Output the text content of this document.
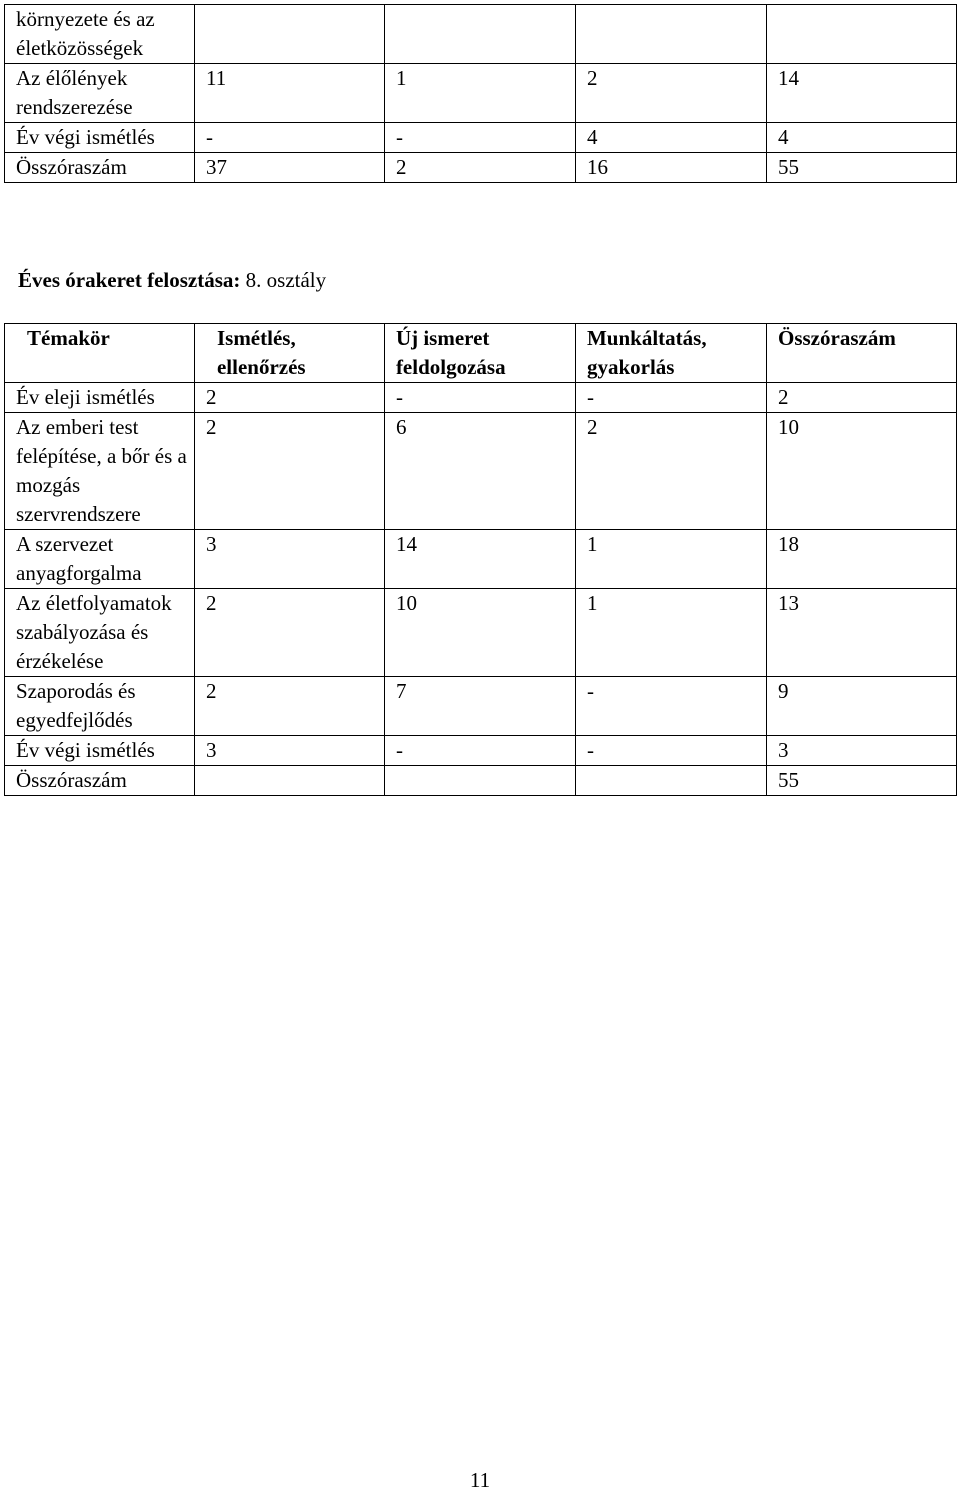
környezete és az életközösségek				
Az élőlények rendszerezése	11	1	2	14
Év végi ismétlés	-	-	4	4
Összóraszám	37	2	16	55
Éves órakeret felosztása: 8. osztály
Témakör	Ismétlés, ellenőrzés	Új ismeret feldolgozása	Munkáltatás, gyakorlás	Összóraszám
Év eleji ismétlés	2	-	-	2
Az emberi test felépítése, a bőr és a mozgás szervrendszere	2	6	2	10
A szervezet anyagforgalma	3	14	1	18
Az életfolyamatok szabályozása és érzékelése	2	10	1	13
Szaporodás és egyedfejlődés	2	7	-	9
Év végi ismétlés	3	-	-	3
Összóraszám				55
11
